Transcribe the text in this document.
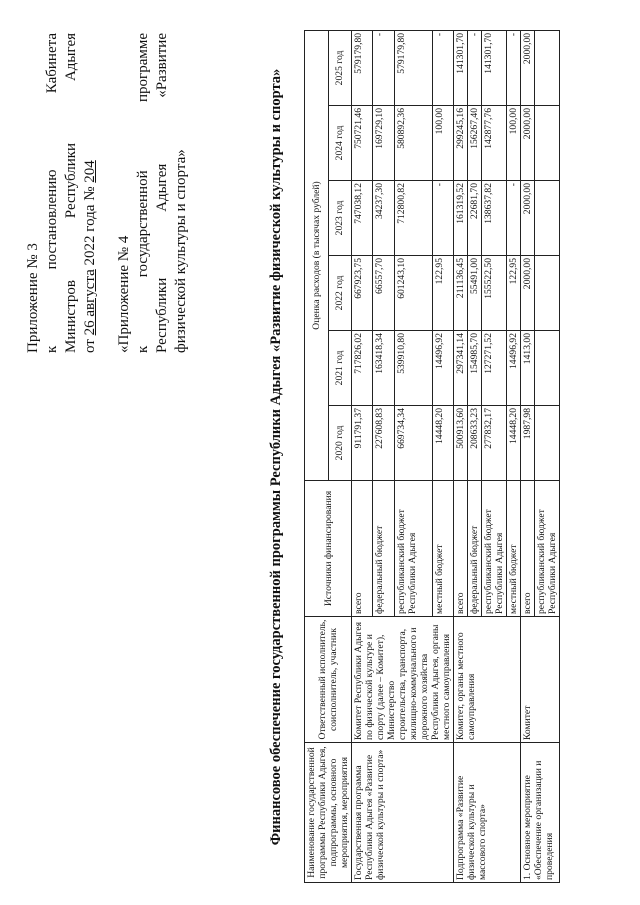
Приложение № 3 к постановлению Кабинета Министров Республики Адыгея от 26 августа 2022 года № 204

«Приложение № 4 к государственной программе Республики Адыгея «Развитие физической культуры и спорта»	Финансовое обеспечение государственной программы Республики Адыгея «Развитие физической культуры и спорта» Наименование государственной программы Республики Адыгея, подпрограммы, основного мероприятия, мероприятия	Ответственный исполнитель, соисполнитель, участник	Источники финансирования	Оценка расходов (в тысячах рублей)					
			2020 год	2021 год	2022 год	2023 год	2024 год	2025 год
Государственная программа Республики Адыгея «Развитие физической культуры и спорта»	Комитет Республики Адыгея по физической культуре и спорту (далее – Комитет), Министерство строительства, транспорта, жилищно-коммунального и дорожного хозяйства Республики Адыгея, органы местного самоуправления	всего	911791,37	717826,02	667923,75	747038,12	750721,46	579179,80
		федеральный бюджет	227608,83	163418,34	66557,70	34237,30	169729,10	-
		республиканский бюджет Республики Адыгея	669734,34	539910,80	601243,10	712800,82	580892,36	579179,80
		местный бюджет	14448,20	14496,92	122,95	-	100,00	-
Подпрограмма «Развитие физической культуры и массового спорта»	Комитет, органы местного самоуправления	всего	500913,60	297341,14	211136,45	161319,52	299245,16	141301,70
		федеральный бюджет	208633,23	154985,70	55491,00	22681,70	156267,40	-
		республиканский бюджет Республики Адыгея	277832,17	127271,52	155522,50	138637,82	142877,76	141301,70
		местный бюджет	14448,20	14496,92	122,95	-	100,00	-
1. Основное мероприятие «Обеспечение организации и проведения	Комитет	всего	1987,98	1413,00	2000,00	2000,00	2000,00	2000,00
		республиканский бюджет Республики Адыгея						
